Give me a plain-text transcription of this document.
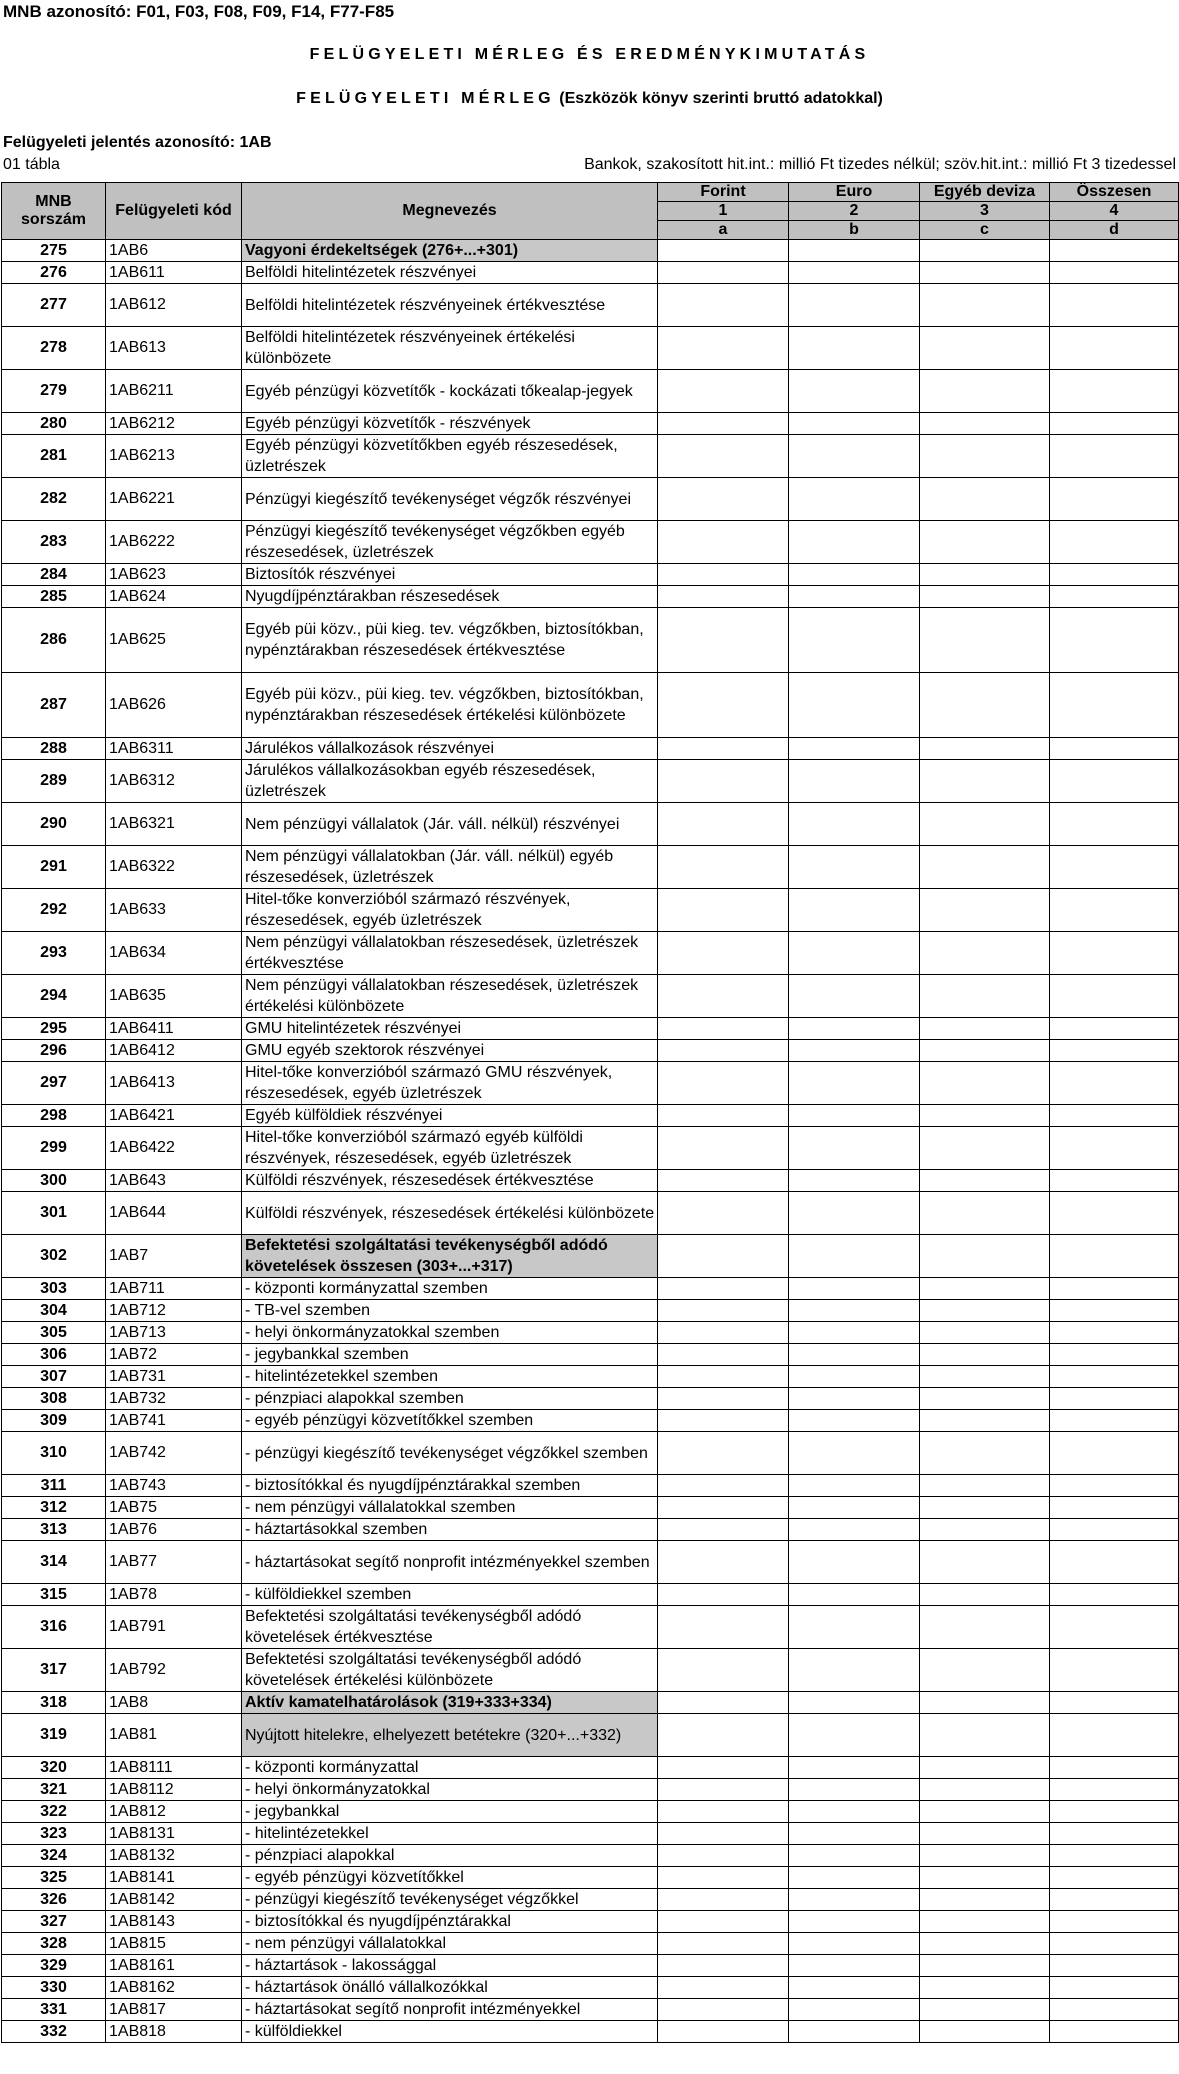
MNB azonosító: F01, F03, F08, F09, F14, F77-F85
FELÜGYELETI MÉRLEG ÉS EREDMÉNYKIMUTATÁS
FELÜGYELETI MÉRLEG (Eszközök könyv szerinti bruttó adatokkal)
Felügyeleti jelentés azonosító: 1AB
01 tábla	Bankok, szakosított hit.int.: millió Ft tizedes nélkül; szöv.hit.int.: millió Ft 3 tizedessel
MNB sorszám	Felügyeleti kód	Megnevezés	Forint	Euro	Egyéb deviza	Összesen
			1	2	3	4
			a	b	c	d
275	1AB6	Vagyoni érdekeltségek (276+...+301)				
276	1AB611	Belföldi hitelintézetek részvényei				
277	1AB612	Belföldi hitelintézetek részvényeinek értékvesztése				
278	1AB613	Belföldi hitelintézetek részvényeinek értékelési különbözete				
279	1AB6211	Egyéb pénzügyi közvetítők - kockázati tőkealap-jegyek				
280	1AB6212	Egyéb pénzügyi közvetítők - részvények				
281	1AB6213	Egyéb pénzügyi közvetítőkben egyéb részesedések, üzletrészek				
282	1AB6221	Pénzügyi kiegészítő tevékenységet végzők részvényei				
283	1AB6222	Pénzügyi kiegészítő tevékenységet végzőkben egyéb részesedések, üzletrészek				
284	1AB623	Biztosítók részvényei				
285	1AB624	Nyugdíjpénztárakban részesedések				
286	1AB625	Egyéb püi közv., püi kieg. tev. végzőkben, biztosítókban, nypénztárakban részesedések értékvesztése				
287	1AB626	Egyéb püi közv., püi kieg. tev. végzőkben, biztosítókban, nypénztárakban részesedések értékelési különbözete				
288	1AB6311	Járulékos vállalkozások részvényei				
289	1AB6312	Járulékos vállalkozásokban egyéb részesedések, üzletrészek				
290	1AB6321	Nem pénzügyi vállalatok (Jár. váll. nélkül) részvényei				
291	1AB6322	Nem pénzügyi vállalatokban (Jár. váll. nélkül) egyéb részesedések, üzletrészek				
292	1AB633	Hitel-tőke konverzióból származó részvények, részesedések, egyéb üzletrészek				
293	1AB634	Nem pénzügyi vállalatokban részesedések, üzletrészek értékvesztése				
294	1AB635	Nem pénzügyi vállalatokban részesedések, üzletrészek értékelési különbözete				
295	1AB6411	GMU hitelintézetek részvényei				
296	1AB6412	GMU egyéb szektorok részvényei				
297	1AB6413	Hitel-tőke konverzióból származó GMU részvények, részesedések, egyéb üzletrészek				
298	1AB6421	Egyéb külföldiek részvényei				
299	1AB6422	Hitel-tőke konverzióból származó egyéb külföldi részvények, részesedések, egyéb üzletrészek				
300	1AB643	Külföldi részvények, részesedések értékvesztése				
301	1AB644	Külföldi részvények, részesedések értékelési különbözete				
302	1AB7	Befektetési szolgáltatási tevékenységből adódó követelések összesen (303+...+317)				
303	1AB711	- központi kormányzattal szemben				
304	1AB712	- TB-vel szemben				
305	1AB713	- helyi önkormányzatokkal szemben				
306	1AB72	- jegybankkal szemben				
307	1AB731	- hitelintézetekkel szemben				
308	1AB732	- pénzpiaci alapokkal szemben				
309	1AB741	- egyéb pénzügyi közvetítőkkel szemben				
310	1AB742	- pénzügyi kiegészítő tevékenységet végzőkkel szemben				
311	1AB743	- biztosítókkal és nyugdíjpénztárakkal szemben				
312	1AB75	- nem pénzügyi vállalatokkal szemben				
313	1AB76	- háztartásokkal szemben				
314	1AB77	- háztartásokat segítő nonprofit intézményekkel szemben				
315	1AB78	- külföldiekkel szemben				
316	1AB791	Befektetési szolgáltatási tevékenységből adódó követelések értékvesztése				
317	1AB792	Befektetési szolgáltatási tevékenységből adódó követelések értékelési különbözete				
318	1AB8	Aktív kamatelhatárolások (319+333+334)				
319	1AB81	Nyújtott hitelekre, elhelyezett betétekre (320+...+332)				
320	1AB8111	- központi kormányzattal				
321	1AB8112	- helyi önkormányzatokkal				
322	1AB812	- jegybankkal				
323	1AB8131	- hitelintézetekkel				
324	1AB8132	- pénzpiaci alapokkal				
325	1AB8141	- egyéb pénzügyi közvetítőkkel				
326	1AB8142	- pénzügyi kiegészítő tevékenységet végzőkkel				
327	1AB8143	- biztosítókkal és nyugdíjpénztárakkal				
328	1AB815	- nem pénzügyi vállalatokkal				
329	1AB8161	- háztartások - lakossággal				
330	1AB8162	- háztartások önálló vállalkozókkal				
331	1AB817	- háztartásokat segítő nonprofit intézményekkel				
332	1AB818	- külföldiekkel				
